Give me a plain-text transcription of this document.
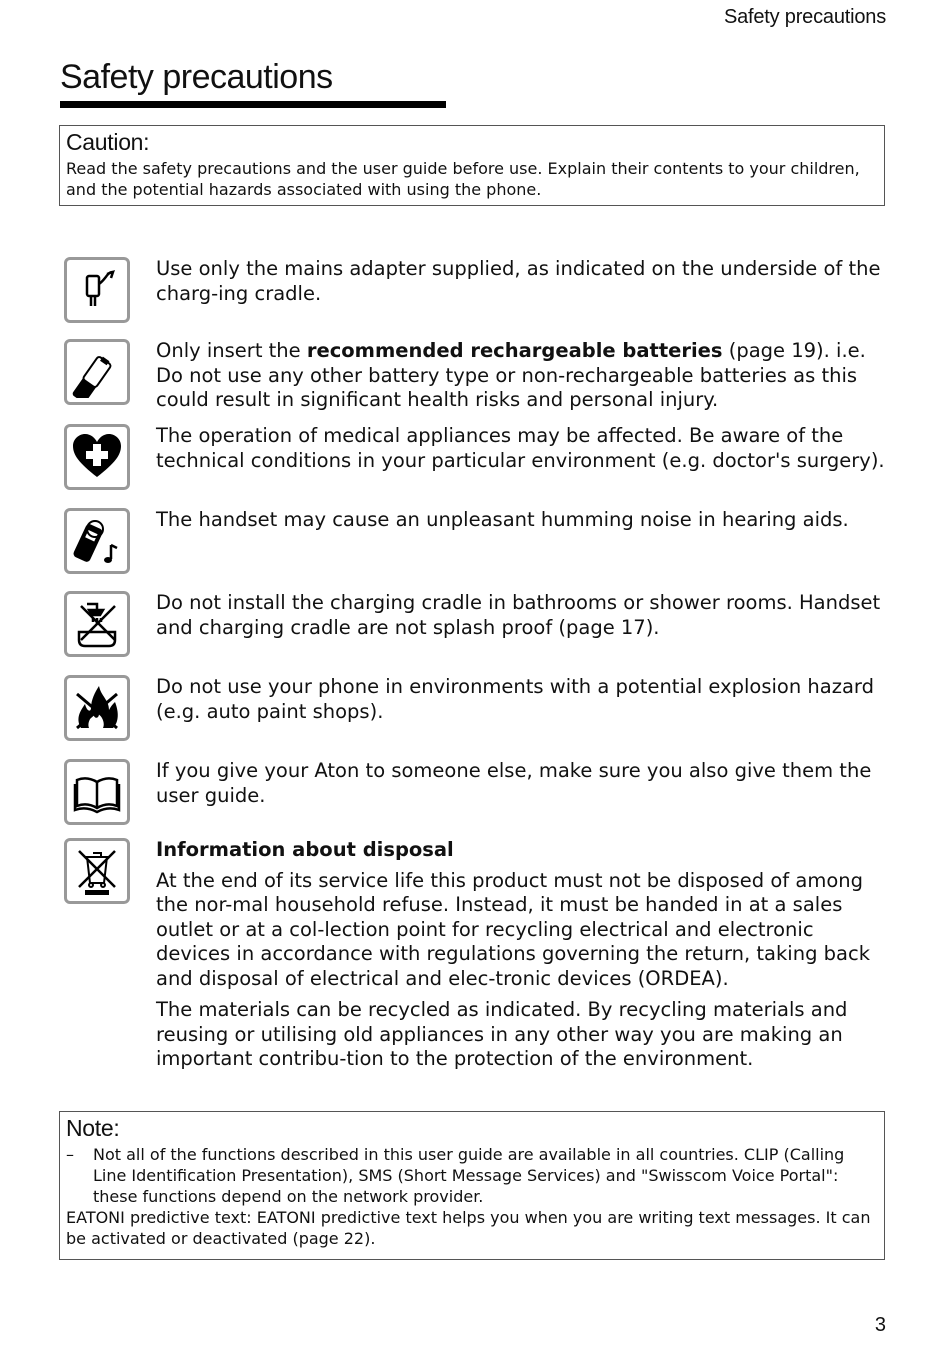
Safety precautions
Safety precautions

Caution:

Read the safety precautions and the user guide before use. Explain their contents to your children, and the potential hazards associated with using the phone.

Use only the mains adapter supplied, as indicated on the underside of the charg-ing cradle.

Only insert the recommended rechargeable batteries (page 19). i.e. Do not use any other battery type or non-rechargeable batteries as this could result in significant health risks and personal injury.

The operation of medical appliances may be affected. Be aware of the technical conditions in your particular environment (e.g. doctor's surgery).

The handset may cause an unpleasant humming noise in hearing aids.

Do not install the charging cradle in bathrooms or shower rooms. Handset and charging cradle are not splash proof (page 17).

Do not use your phone in environments with a potential explosion hazard (e.g. auto paint shops).

If you give your Aton to someone else, make sure you also give them the user guide.

Information about disposal

At the end of its service life this product must not be disposed of among the nor-mal household refuse. Instead, it must be handed in at a sales outlet or at a col-lection point for recycling electrical and electronic devices in accordance with regulations governing the return, taking back and disposal of electrical and elec-tronic devices (ORDEA).

The materials can be recycled as indicated. By recycling materials and reusing or utilising old appliances in any other way you are making an important contribu-tion to the protection of the environment.

Note:

–	Not all of the functions described in this user guide are available in all countries. CLIP (Calling Line Identification Presentation), SMS (Short Message Services) and "Swisscom Voice Portal": these functions depend on the network provider.

EATONI predictive text: EATONI predictive text helps you when you are writing text messages. It can be activated or deactivated (page 22).

3
